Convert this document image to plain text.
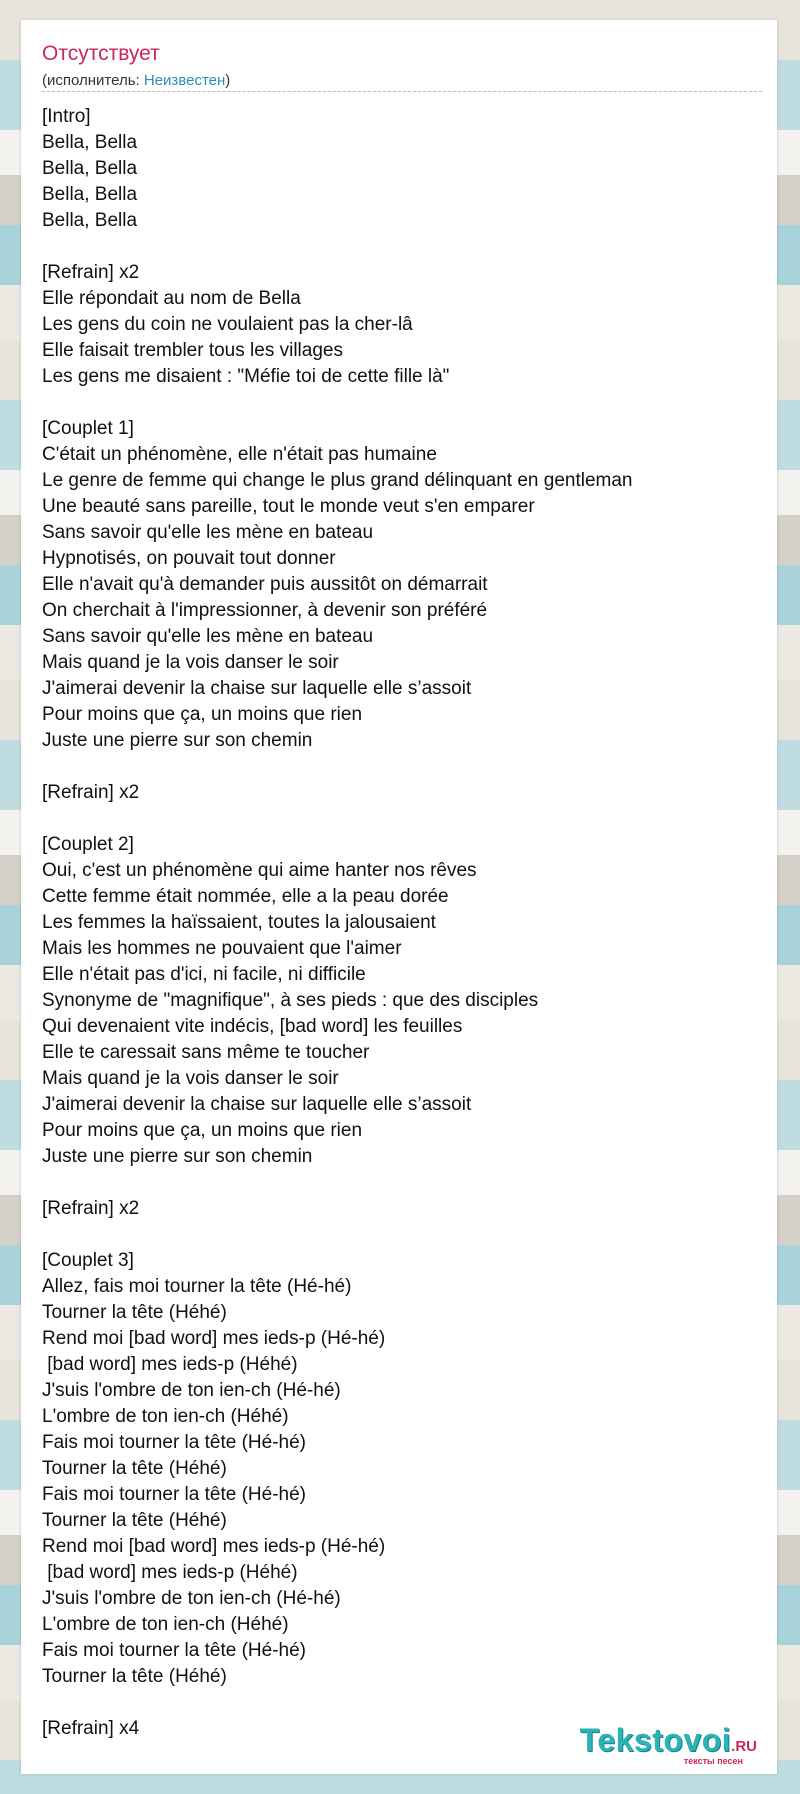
Отсутствует
(исполнитель: Неизвестен)
[Intro]
Bella, Bella
Bella, Bella
Bella, Bella
Bella, Bella
[Refrain] x2
Elle répondait au nom de Bella
Les gens du coin ne voulaient pas la cher-lâ
Elle faisait trembler tous les villages
Les gens me disaient : "Méfie toi de cette fille là"
[Couplet 1]
C'était un phénomène, elle n'était pas humaine
Le genre de femme qui change le plus grand délinquant en gentleman
Une beauté sans pareille, tout le monde veut s'en emparer
Sans savoir qu'elle les mène en bateau
Hypnotisés, on pouvait tout donner
Elle n'avait qu'à demander puis aussitôt on démarrait
On cherchait à l'impressionner, à devenir son préféré
Sans savoir qu'elle les mène en bateau
Mais quand je la vois danser le soir
J'aimerai devenir la chaise sur laquelle elle s’assoit
Pour moins que ça, un moins que rien
Juste une pierre sur son chemin
[Refrain] x2
[Couplet 2]
Oui, c'est un phénomène qui aime hanter nos rêves
Cette femme était nommée, elle a la peau dorée
Les femmes la haïssaient, toutes la jalousaient
Mais les hommes ne pouvaient que l'aimer
Elle n'était pas d'ici, ni facile, ni difficile
Synonyme de "magnifique", à ses pieds : que des disciples
Qui devenaient vite indécis, [bad word] les feuilles
Elle te caressait sans même te toucher
Mais quand je la vois danser le soir
J'aimerai devenir la chaise sur laquelle elle s’assoit
Pour moins que ça, un moins que rien
Juste une pierre sur son chemin
[Refrain] x2
[Couplet 3]
Allez, fais moi tourner la tête (Hé-hé)
Tourner la tête (Héhé)
Rend moi [bad word] mes ieds-p (Hé-hé)
[bad word] mes ieds-p (Héhé)
J'suis l'ombre de ton ien-ch (Hé-hé)
L'ombre de ton ien-ch (Héhé)
Fais moi tourner la tête (Hé-hé)
Tourner la tête (Héhé)
Fais moi tourner la tête (Hé-hé)
Tourner la tête (Héhé)
Rend moi [bad word] mes ieds-p (Hé-hé)
[bad word] mes ieds-p (Héhé)
J'suis l'ombre de ton ien-ch (Hé-hé)
L'ombre de ton ien-ch (Héhé)
Fais moi tourner la tête (Hé-hé)
Tourner la tête (Héhé)
[Refrain] x4	Tekstovoi.RU
тексты песен
